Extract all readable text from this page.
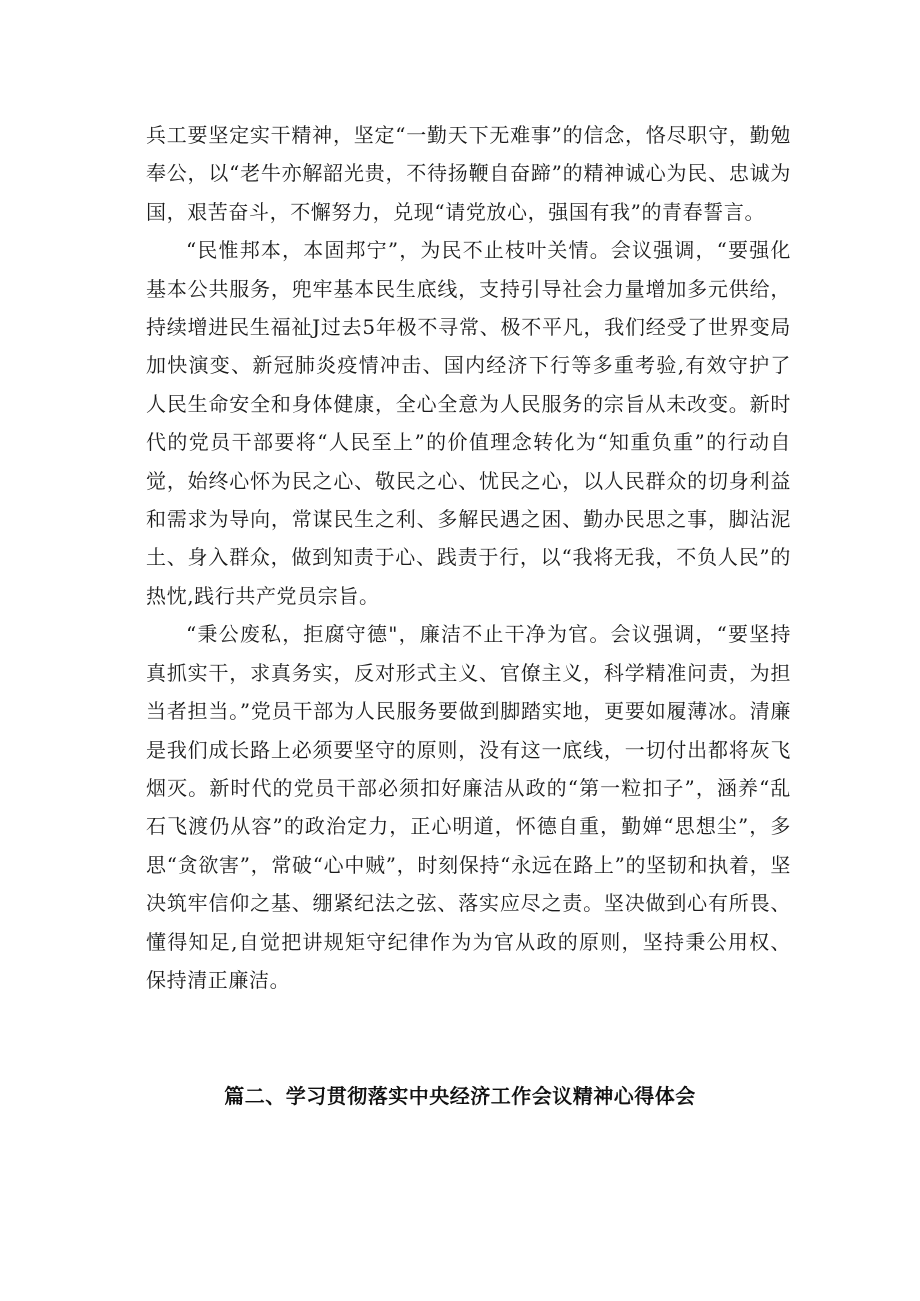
兵工要坚定实干精神，坚定“一勤天下无难事”的信念，恪尽职守，勤勉奉公，以“老牛亦解韶光贵，不待扬鞭自奋蹄”的精神诚心为民、忠诚为国，艰苦奋斗，不懈努力，兑现“请党放心，强国有我”的青春誓言。

“民惟邦本，本固邦宁”，为民不止枝叶关情。会议强调，“要强化基本公共服务，兜牢基本民生底线，支持引导社会力量增加多元供给，持续增进民生福祉J过去5年极不寻常、极不平凡，我们经受了世界变局加快演变、新冠肺炎疫情冲击、国内经济下行等多重考验,有效守护了人民生命安全和身体健康，全心全意为人民服务的宗旨从未改变。新时代的党员干部要将“人民至上”的价值理念转化为“知重负重”的行动自觉，始终心怀为民之心、敬民之心、忧民之心，以人民群众的切身利益和需求为导向，常谋民生之利、多解民遇之困、勤办民思之事，脚沾泥土、身入群众，做到知责于心、践责于行，以“我将无我，不负人民”的热忱,践行共产党员宗旨。

“秉公废私，拒腐守德"，廉洁不止干净为官。会议强调，“要坚持真抓实干，求真务实，反对形式主义、官僚主义，科学精准问责，为担当者担当。”党员干部为人民服务要做到脚踏实地，更要如履薄冰。清廉是我们成长路上必须要坚守的原则，没有这一底线，一切付出都将灰飞烟灭。新时代的党员干部必须扣好廉洁从政的“第一粒扣子”，涵养“乱石飞渡仍从容”的政治定力，正心明道，怀德自重，勤婵“思想尘”，多思“贪欲害”，常破“心中贼”，时刻保持“永远在路上”的坚韧和执着，坚决筑牢信仰之基、绷紧纪法之弦、落实应尽之责。坚决做到心有所畏、懂得知足,自觉把讲规矩守纪律作为为官从政的原则，坚持秉公用权、保持清正廉洁。

篇二、学习贯彻落实中央经济工作会议精神心得体会
